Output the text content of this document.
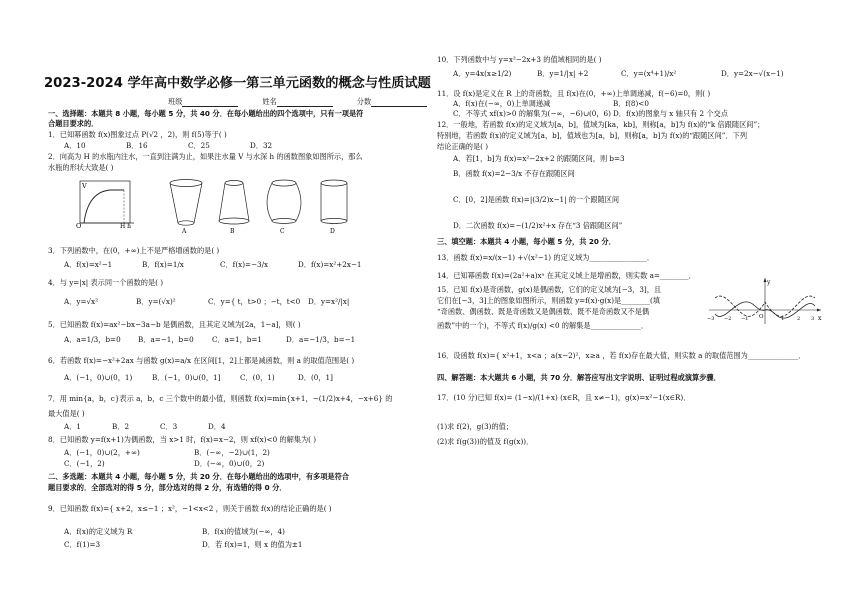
2023-2024 学年高中数学必修一第三单元函数的概念与性质试题
班级	姓名	分数
一、选择题：本题共 8 小题，每小题 5 分，共 40 分．在每小题给出的四个选项中，只有一项是符
合题目要求的．
1．已知幂函数 f(x)图象过点 P(√2 ，2)，则 f(5)等于( )
A．10	B．16	C．25	D．32
2．向高为 H 的水瓶内注水，一直到注满为止，如果注水量 V 与水深 h 的函数图象如图所示，那么
水瓶的形状大致是( )
V
O	H h
A	B	C	D
3．下列函数中，在(0，+∞)上不是严格增函数的是( )
A．f(x)=x²−1	B．f(x)=1/x	C．f(x)=−3/x	D．f(x)=x²+2x−1
4．与 y=|x| 表示同一个函数的是( )
A．y=√x²	B．y=(√x)²	C．y={ t，t>0 ；−t，t<0 D．y=x²/|x|
5．已知函数 f(x)=ax²−bx−3a−b 是偶函数，且其定义域为[2a，1−a]，则( )
A．a=1/3，b=0 B．a=−1，b=0	C．a=1，b=1	D．a=−1/3，b=−1
6．若函数 f(x)=−x²+2ax 与函数 g(x)=a/x 在区间[1，2]上都是减函数，则 a 的取值范围是( )
A．(−1，0)∪(0，1)	B．(−1，0)∪(0，1]	C．(0，1)	D．(0，1]
7．用 min{a，b，c}表示 a，b，c 三个数中的最小值，则函数 f(x)=min{x+1，−(1/2)x+4，−x+6} 的
最大值是( )
A．1	B．2	C．3	D．4
8．已知函数 y=f(x+1)为偶函数，当 x>1 时，f(x)=x−2，则 xf(x)<0 的解集为( )
A．(−1，0)∪(2，+∞)	B．(−∞，−2)∪(1，2)
C．(−1，2)	D．(−∞，0)∪(0，2)
二、多选题：本题共 4 小题，每小题 5 分，共 20 分．在每小题给出的选项中，有多项是符合
题目要求的．全部选对的得 5 分，部分选对的得 2 分，有选错的得 0 分．
9．已知函数 f(x)={ x+2，x≤−1 ；x²，−1<x<2 ，则关于函数 f(x)的结论正确的是( )
A．f(x)的定义域为 R	B．f(x)的值域为(−∞，4)
C．f(1)=3	D．若 f(x)=1，则 x 的值为±1
10．下列函数中与 y=x²−2x+3 的值域相同的是( )
A．y=4x(x≥1/2)	B．y=1/|x| +2	C．y=(x⁴+1)/x²	D．y=2x−√(x−1)
11．设 f(x)是定义在 R 上的奇函数，且 f(x)在(0，+∞)上单调递减，f(−6)=0，则( )
A．f(x)在(−∞，0)上单调递减	B．f(8)<0
C．不等式 xf(x)>0 的解集为(−∞，−6)∪(0，6) D．f(x)的图象与 x 轴只有 2 个交点
12．一般地，若函数 f(x)的定义域为[a，b]，值域为[ka，kb]，则称[a，b]为 f(x)的“k 倍跟随区间”；
特别地，若函数 f(x)的定义域为[a，b]，值域也为[a，b]，则称[a，b]为 f(x)的“跟随区间”．下列
结论正确的是( )
A．若[1，b]为 f(x)=x²−2x+2 的跟随区间，则 b=3
B．函数 f(x)=2−3/x 不存在跟随区间
C．[0，2]是函数 f(x)=|(3/2)x−1| 的一个跟随区间
D．二次函数 f(x)=−(1/2)x²+x 存在“3 倍跟随区间”
三、填空题：本题共 4 小题，每小题 5 分，共 20 分．
13．函数 f(x)=x/(x−1) +√(x²−1) 的定义域为________________．
14．已知幂函数 f(x)=(2a²+a)xᵃ 在其定义域上是增函数，则实数 a=________．
15．已知 f(x)是奇函数，g(x)是偶函数，它们的定义域为[−3，3]，且
它们在[−3，3]上的图象如图所示，则函数 y=f(x)·g(x)是________(填
“奇函数、偶函数、既是奇函数又是偶函数、既不是奇函数又不是偶
函数”中的一个)，不等式 f(x)/g(x) <0 的解集是______________．
y
x
O
−3 −2 −1	1	2 3
16．设函数 f(x)={ x²+1，x<a ；a(x−2)²，x≥a ，若 f(x)存在最大值，则实数 a 的取值范围为______________．
四、解答题：本大题共 6 小题，共 70 分．解答应写出文字说明、证明过程或演算步骤．
17．(10 分)已知 f(x)= (1−x)/(1+x) (x∈R，且 x≠−1)，g(x)=x²−1(x∈R)．
(1)求 f(2)，g(3)的值；
(2)求 f(g(3))的值及 f(g(x))．
